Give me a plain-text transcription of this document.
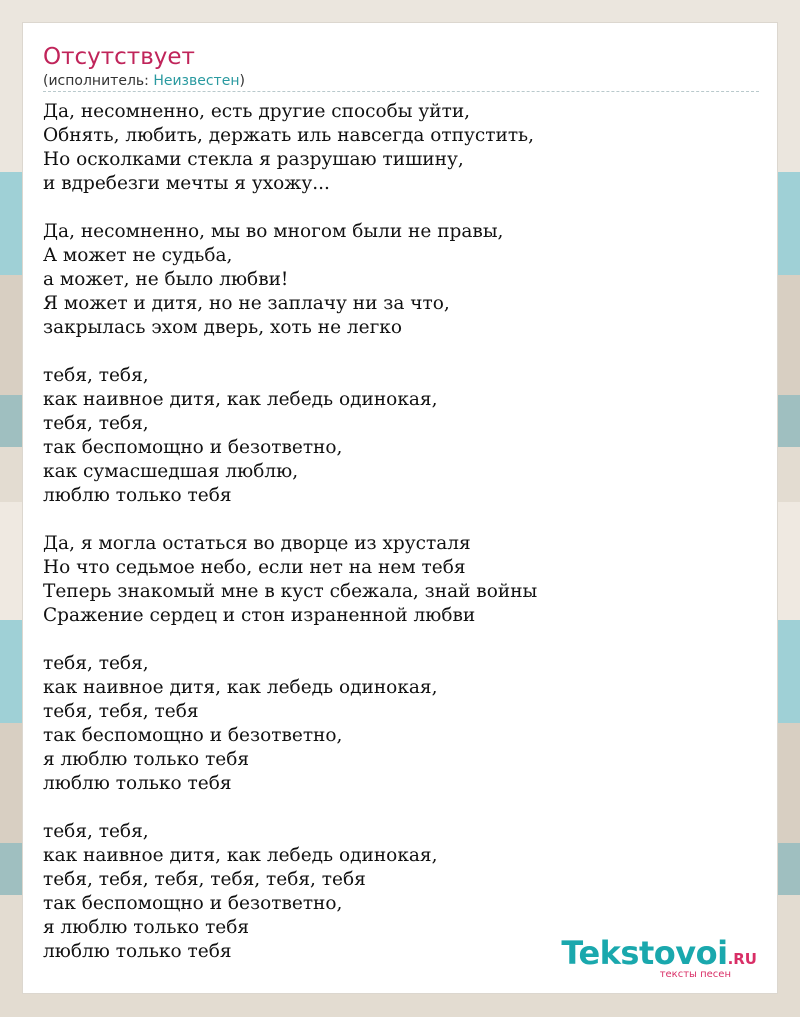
Отсутствует
(исполнитель: Неизвестен)
Да, несомненно, есть другие способы уйти,
Обнять, любить, держать иль навсегда отпустить,
Но осколками стекла я разрушаю тишину,
и вдребезги мечты я ухожу...
Да, несомненно, мы во многом были не правы,
А может не судьба,
а может, не было любви!
Я может и дитя, но не заплачу ни за что,
закрылась эхом дверь, хоть не легко
тебя, тебя,
как наивное дитя, как лебедь одинокая,
тебя, тебя,
так беспомощно и безответно,
как сумасшедшая люблю,
люблю только тебя
Да, я могла остаться во дворце из хрусталя
Но что седьмое небо, если нет на нем тебя
Теперь знакомый мне в куст сбежала, знай войны
Сражение сердец и стон израненной любви
тебя, тебя,
как наивное дитя, как лебедь одинокая,
тебя, тебя, тебя
так беспомощно и безответно,
я люблю только тебя
люблю только тебя
тебя, тебя,
как наивное дитя, как лебедь одинокая,
тебя, тебя, тебя, тебя, тебя, тебя
так беспомощно и безответно,
я люблю только тебя
люблю только тебя	Tekstovoi.RU
тексты песен
